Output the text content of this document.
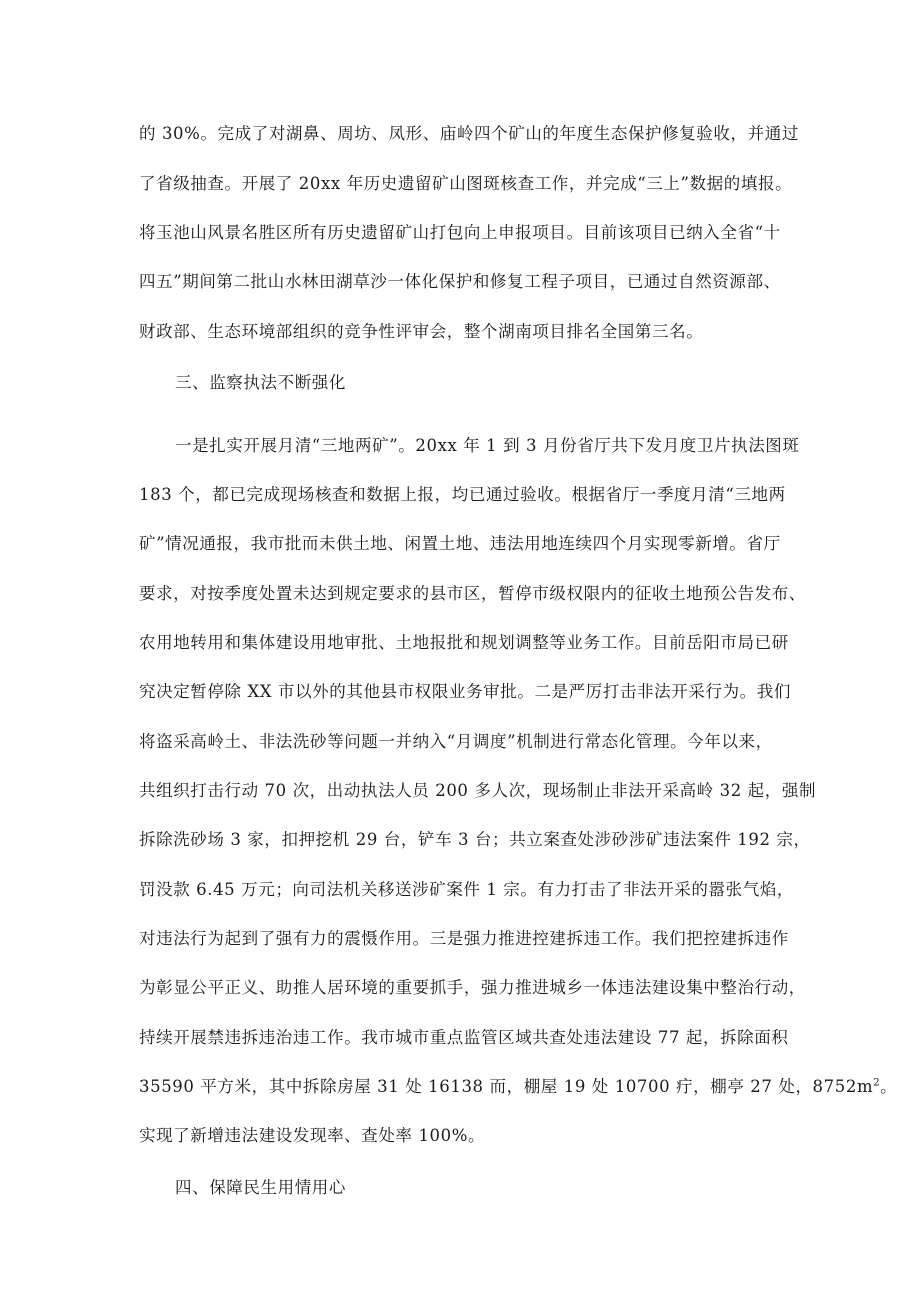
的 30%。完成了对湖鼻、周坊、凤形、庙岭四个矿山的年度生态保护修复验收，并通过
了省级抽查。开展了 20xx 年历史遗留矿山图斑核查工作，并完成“三上”数据的填报。
将玉池山风景名胜区所有历史遗留矿山打包向上申报项目。目前该项目已纳入全省“十
四五”期间第二批山水林田湖草沙一体化保护和修复工程子项目，已通过自然资源部、
财政部、生态环境部组织的竞争性评审会，整个湖南项目排名全国第三名。
三、监察执法不断强化
一是扎实开展月清“三地两矿”。20xx 年 1 到 3 月份省厅共下发月度卫片执法图斑
183 个，都已完成现场核查和数据上报，均已通过验收。根据省厅一季度月清“三地两
矿”情况通报，我市批而未供土地、闲置土地、违法用地连续四个月实现零新增。省厅
要求，对按季度处置未达到规定要求的县市区，暂停市级权限内的征收土地预公告发布、
农用地转用和集体建设用地审批、土地报批和规划调整等业务工作。目前岳阳市局已研
究决定暂停除 XX 市以外的其他县市权限业务审批。二是严厉打击非法开采行为。我们
将盗采高岭土、非法洗砂等问题一并纳入“月调度”机制进行常态化管理。今年以来，
共组织打击行动 70 次，出动执法人员 200 多人次，现场制止非法开采高岭 32 起，强制
拆除洗砂场 3 家，扣押挖机 29 台，铲车 3 台；共立案查处涉砂涉矿违法案件 192 宗，
罚没款 6.45 万元；向司法机关移送涉矿案件 1 宗。有力打击了非法开采的嚣张气焰，
对违法行为起到了强有力的震慑作用。三是强力推进控建拆违工作。我们把控建拆违作
为彰显公平正义、助推人居环境的重要抓手，强力推进城乡一体违法建设集中整治行动，
持续开展禁违拆违治违工作。我市城市重点监管区域共查处违法建设 77 起，拆除面积
35590 平方米，其中拆除房屋 31 处 16138 而，棚屋 19 处 10700 疔，棚亭 27 处，$8752m^2$。
实现了新增违法建设发现率、查处率 100%。
四、保障民生用情用心
